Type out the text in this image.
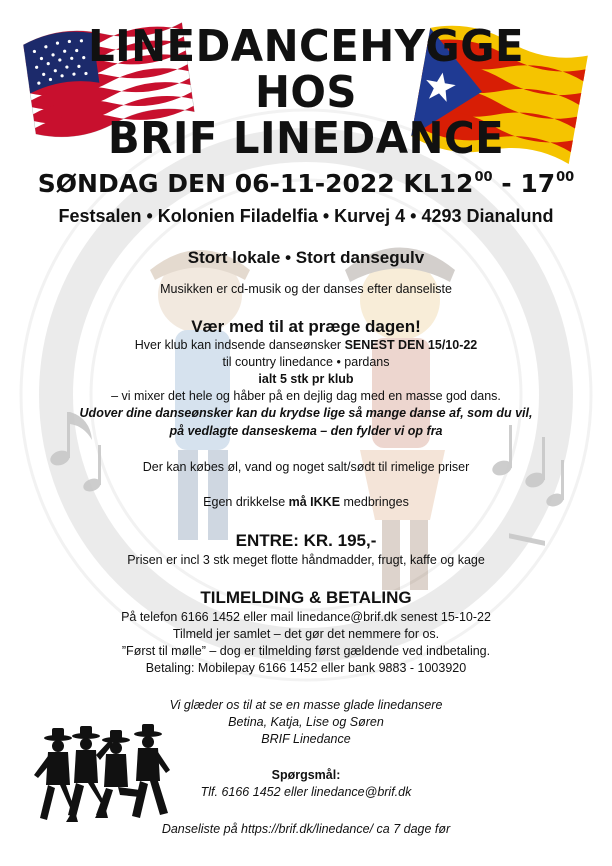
LINEDANCEHYGGE
HOS
BRIF LINEDANCE
SØNDAG DEN 06-11-2022 $KL12^{00} - 17^{00}$
Festsalen • Kolonien Filadelfia • Kurvej 4 • 4293 Dianalund
Stort lokale • Stort dansegulv
Musikken er cd-musik og der danses efter danseliste
Vær med til at præge dagen!
Hver klub kan indsende danseønsker SENEST DEN 15/10-22
til country linedance • pardans
ialt 5 stk pr klub
– vi mixer det hele og håber på en dejlig dag med en masse god dans.
Udover dine danseønsker kan du krydse lige så mange danse af, som du vil,
på vedlagte danseskema – den fylder vi op fra
Der kan købes øl, vand og noget salt/sødt til rimelige priser
Egen drikkelse må IKKE medbringes
ENTRE: KR. 195,-
Prisen er incl 3 stk meget flotte håndmadder, frugt, kaffe og kage
TILMELDING & BETALING
På telefon 6166 1452 eller mail linedance@brif.dk senest 15-10-22
Tilmeld jer samlet – det gør det nemmere for os.
”Først til mølle” – dog er tilmelding først gældende ved indbetaling.
Betaling: Mobilepay 6166 1452 eller bank 9883 - 1003920
Vi glæder os til at se en masse glade linedansere
Betina, Katja, Lise og Søren
BRIF Linedance
Spørgsmål:
Tlf. 6166 1452 eller linedance@brif.dk
Danseliste på https://brif.dk/linedance/ ca 7 dage før
